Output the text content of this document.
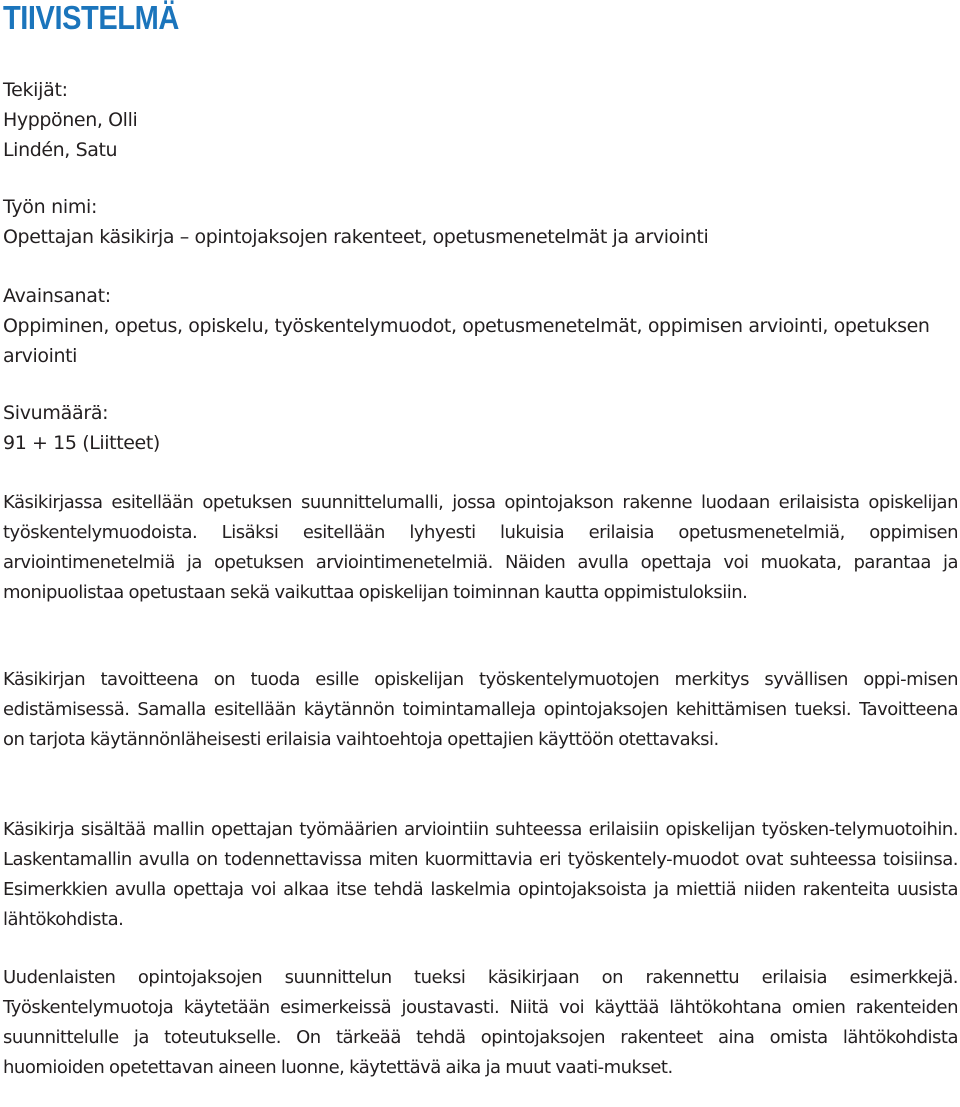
TIIVISTELMÄ
Tekijät:
Hyppönen, Olli
Lindén, Satu
Työn nimi:
Opettajan käsikirja – opintojaksojen rakenteet, opetusmenetelmät ja arviointi
Avainsanat:
Oppiminen, opetus, opiskelu, työskentelymuodot, opetusmenetelmät, oppimisen arviointi, opetuksen arviointi
Sivumäärä:
91 + 15 (Liitteet)

Käsikirjassa esitellään opetuksen suunnittelumalli, jossa opintojakson rakenne luodaan erilaisista opiskelijan työskentelymuodoista. Lisäksi esitellään lyhyesti lukuisia erilaisia opetusmenetelmiä, oppimisen arviointimenetelmiä ja opetuksen arviointimenetelmiä. Näiden avulla opettaja voi muokata, parantaa ja monipuolistaa opetustaan sekä vaikuttaa opiskelijan toiminnan kautta oppimistuloksiin.

Käsikirjan tavoitteena on tuoda esille opiskelijan työskentelymuotojen merkitys syvällisen oppi-misen edistämisessä. Samalla esitellään käytännön toimintamalleja opintojaksojen kehittämisen tueksi. Tavoitteena on tarjota käytännönläheisesti erilaisia vaihtoehtoja opettajien käyttöön otettavaksi.

Käsikirja sisältää mallin opettajan työmäärien arviointiin suhteessa erilaisiin opiskelijan työsken-telymuotoihin. Laskentamallin avulla on todennettavissa miten kuormittavia eri työskentely-muodot ovat suhteessa toisiinsa. Esimerkkien avulla opettaja voi alkaa itse tehdä laskelmia opintojaksoista ja miettiä niiden rakenteita uusista lähtökohdista.

Uudenlaisten opintojaksojen suunnittelun tueksi käsikirjaan on rakennettu erilaisia esimerkkejä. Työskentelymuotoja käytetään esimerkeissä joustavasti. Niitä voi käyttää lähtökohtana omien rakenteiden suunnittelulle ja toteutukselle. On tärkeää tehdä opintojaksojen rakenteet aina omista lähtökohdista huomioiden opetettavan aineen luonne, käytettävä aika ja muut vaati-mukset.
